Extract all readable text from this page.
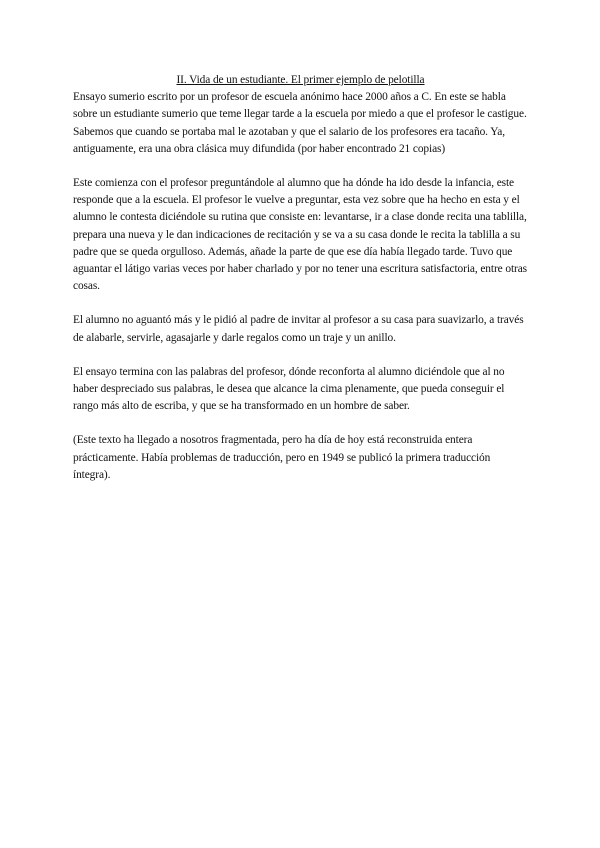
II. Vida de un estudiante. El primer ejemplo de pelotilla

Ensayo sumerio escrito por un profesor de escuela anónimo hace 2000 años a C. En este se habla sobre un estudiante sumerio que teme llegar tarde a la escuela por miedo a que el profesor le castigue. Sabemos que cuando se portaba mal le azotaban y que el salario de los profesores era tacaño. Ya, antiguamente, era una obra clásica muy difundida (por haber encontrado 21 copias)

Este comienza con el profesor preguntándole al alumno que ha dónde ha ido desde la infancia, este responde que a la escuela. El profesor le vuelve a preguntar, esta vez sobre que ha hecho en esta y el alumno le contesta diciéndole su rutina que consiste en: levantarse, ir a clase donde recita una tablilla, prepara una nueva y le dan indicaciones de recitación y se va a su casa donde le recita la tablilla a su padre que se queda orgulloso. Además, añade la parte de que ese día había llegado tarde. Tuvo que aguantar el látigo varias veces por haber charlado y por no tener una escritura satisfactoria, entre otras cosas.

El alumno no aguantó más y le pidió al padre de invitar al profesor a su casa para suavizarlo, a través de alabarle, servirle, agasajarle y darle regalos como un traje y un anillo.

El ensayo termina con las palabras del profesor, dónde reconforta al alumno diciéndole que al no haber despreciado sus palabras, le desea que alcance la cima plenamente, que pueda conseguir el rango más alto de escriba, y que se ha transformado en un hombre de saber.

(Este texto ha llegado a nosotros fragmentada, pero ha día de hoy está reconstruida entera prácticamente. Había problemas de traducción, pero en 1949 se publicó la primera traducción íntegra).
